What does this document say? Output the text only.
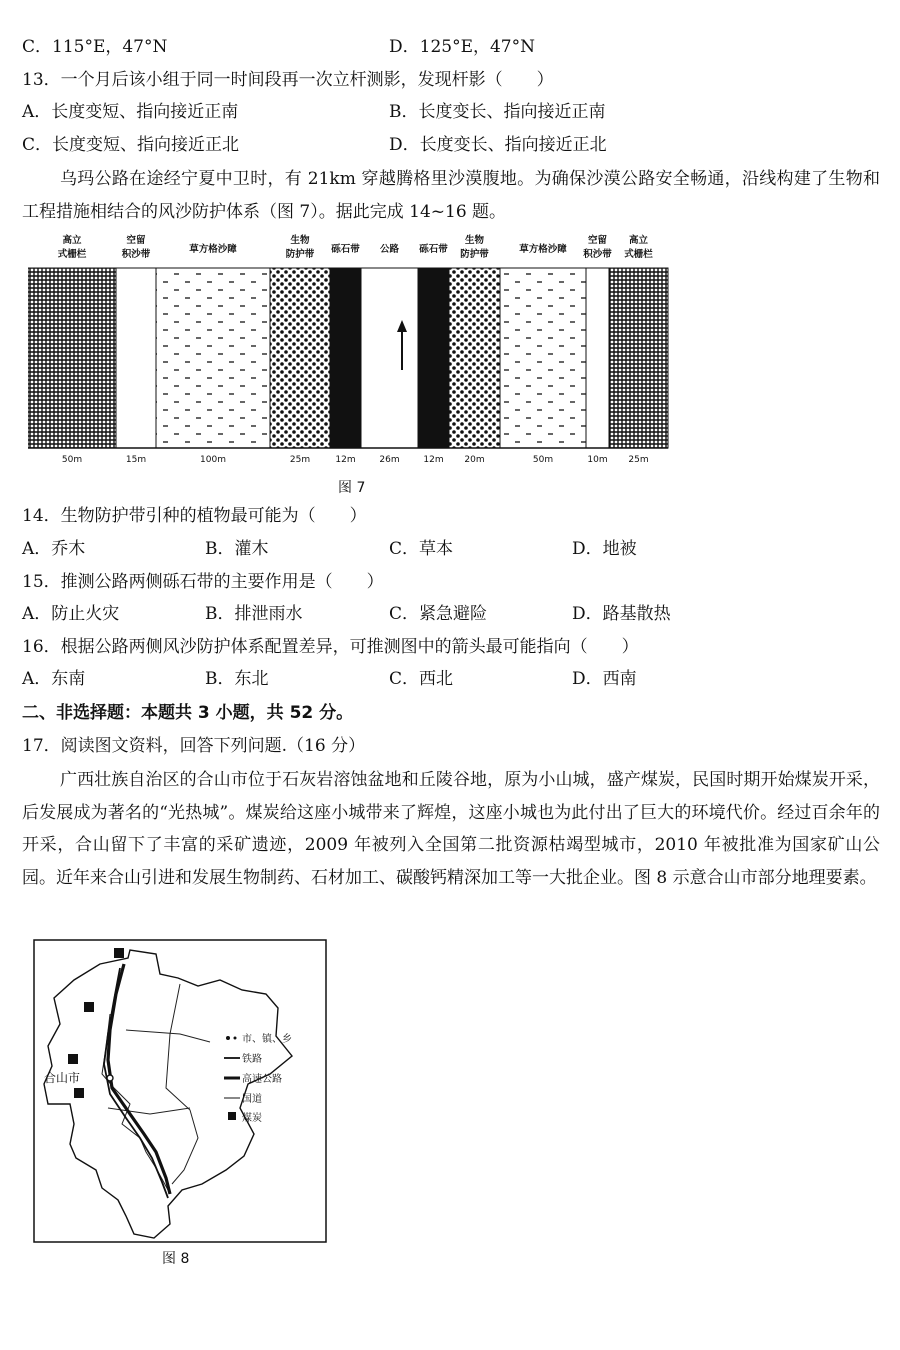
C．115°E，47°N	D．125°E，47°N
13．一个月后该小组于同一时间段再一次立杆测影，发现杆影（　　）
A．长度变短、指向接近正南	B．长度变长、指向接近正南
C．长度变短、指向接近正北	D．长度变长、指向接近正北
乌玛公路在途经宁夏中卫时，有 21km 穿越腾格里沙漠腹地。为确保沙漠公路安全畅通，沿线构建了生物和工程措施相结合的风沙防护体系（图 7）。据此完成 14~16 题。
高立
式栅栏
空留
积沙带	草方格沙障
生物
防护带 砾石带 公路 砾石带
生物
防护带	草方格沙障
空留
积沙带
高立
式栅栏
50m	15m	100m	25m	12m	26m	12m 20m	50m	10m 25m
图 7
14．生物防护带引种的植物最可能为（　　）
A．乔木	B．灌木	C．草本	D．地被
15．推测公路两侧砾石带的主要作用是（　　）
A．防止火灾	B．排泄雨水	C．紧急避险	D．路基散热
16．根据公路两侧风沙防护体系配置差异，可推测图中的箭头最可能指向（　　）
A．东南	B．东北	C．西北	D．西南
二、非选择题：本题共 3 小题，共 52 分。
17．阅读图文资料，回答下列问题.（16 分）
广西壮族自治区的合山市位于石灰岩溶蚀盆地和丘陵谷地，原为小山城，盛产煤炭，民国时期开始煤炭开采，后发展成为著名的“光热城”。煤炭给这座小城带来了辉煌，这座小城也为此付出了巨大的环境代价。经过百余年的开采，合山留下了丰富的采矿遗迹，2009 年被列入全国第二批资源枯竭型城市，2010 年被批准为国家矿山公园。近年来合山引进和发展生物制药、石材加工、碳酸钙精深加工等一大批企业。图 8 示意合山市部分地理要素。
合山市
市、镇、乡
铁路
高速公路
国道
煤炭
图 8
